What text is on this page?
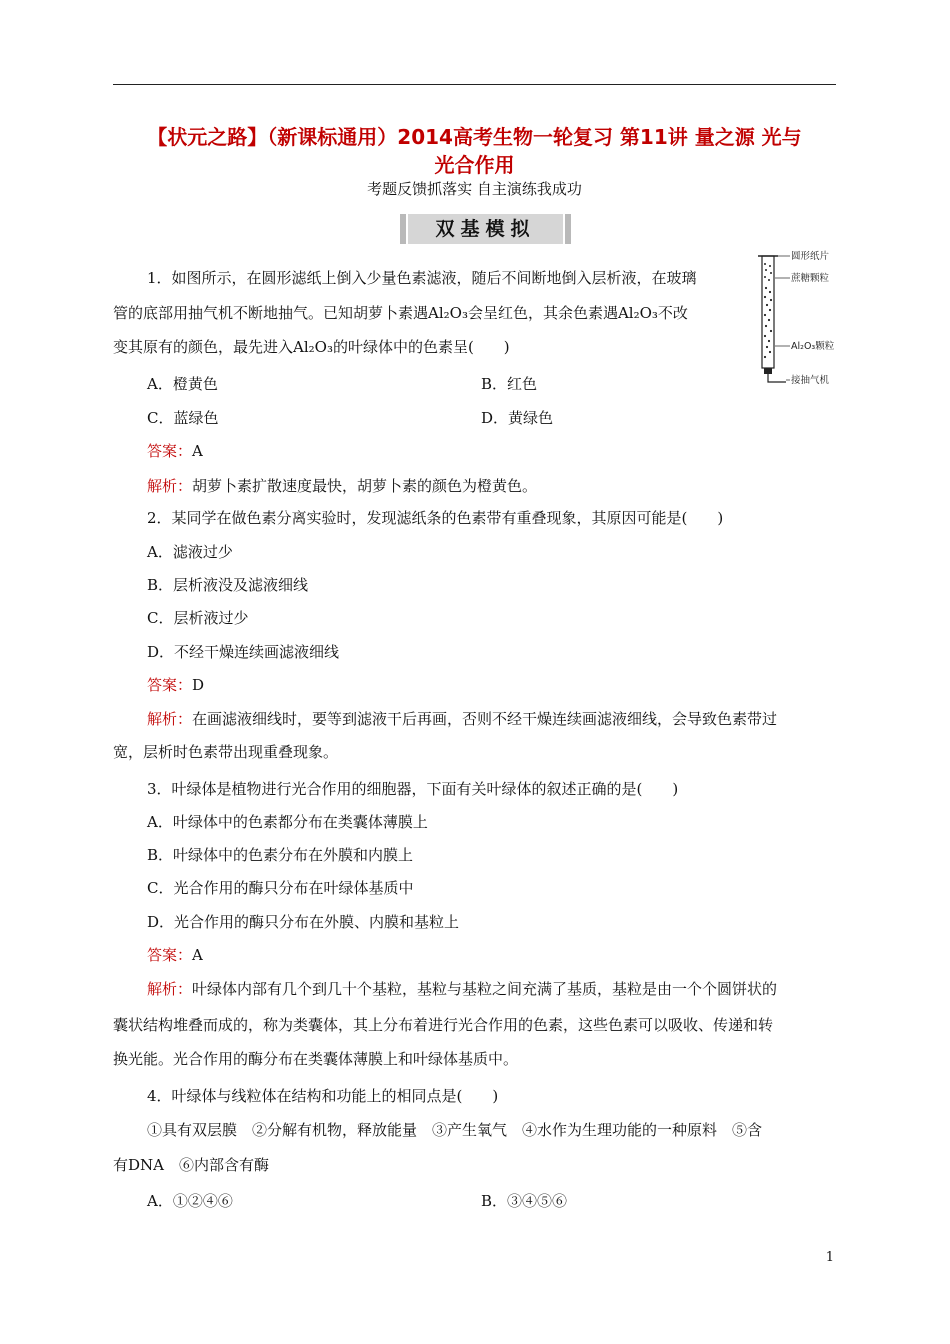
【状元之路】（新课标通用）2014高考生物一轮复习 第11讲 量之源 光与
光合作用
考题反馈抓落实 自主演练我成功
双基模拟
圆形纸片
蔗糖颗粒
Al₂O₃颗粒
接抽气机
1．如图所示，在圆形滤纸上倒入少量色素滤液，随后不间断地倒入层析液，在玻璃
管的底部用抽气机不断地抽气。已知胡萝卜素遇Al₂O₃会呈红色，其余色素遇Al₂O₃不改
变其原有的颜色，最先进入Al₂O₃的叶绿体中的色素呈(　　)
A．橙黄色	B．红色
C．蓝绿色	D．黄绿色
答案：A
解析：胡萝卜素扩散速度最快，胡萝卜素的颜色为橙黄色。
2．某同学在做色素分离实验时，发现滤纸条的色素带有重叠现象，其原因可能是(　　)
A．滤液过少
B．层析液没及滤液细线
C．层析液过少
D．不经干燥连续画滤液细线
答案：D
解析：在画滤液细线时，要等到滤液干后再画，否则不经干燥连续画滤液细线，会导致色素带过
宽，层析时色素带出现重叠现象。
3．叶绿体是植物进行光合作用的细胞器，下面有关叶绿体的叙述正确的是(　　)
A．叶绿体中的色素都分布在类囊体薄膜上
B．叶绿体中的色素分布在外膜和内膜上
C．光合作用的酶只分布在叶绿体基质中
D．光合作用的酶只分布在外膜、内膜和基粒上
答案：A
解析：叶绿体内部有几个到几十个基粒，基粒与基粒之间充满了基质，基粒是由一个个圆饼状的
囊状结构堆叠而成的，称为类囊体，其上分布着进行光合作用的色素，这些色素可以吸收、传递和转
换光能。光合作用的酶分布在类囊体薄膜上和叶绿体基质中。
4．叶绿体与线粒体在结构和功能上的相同点是(　　)
①具有双层膜　②分解有机物，释放能量　③产生氧气　④水作为生理功能的一种原料　⑤含
有DNA　⑥内部含有酶
A．①②④⑥	B．③④⑤⑥
1
